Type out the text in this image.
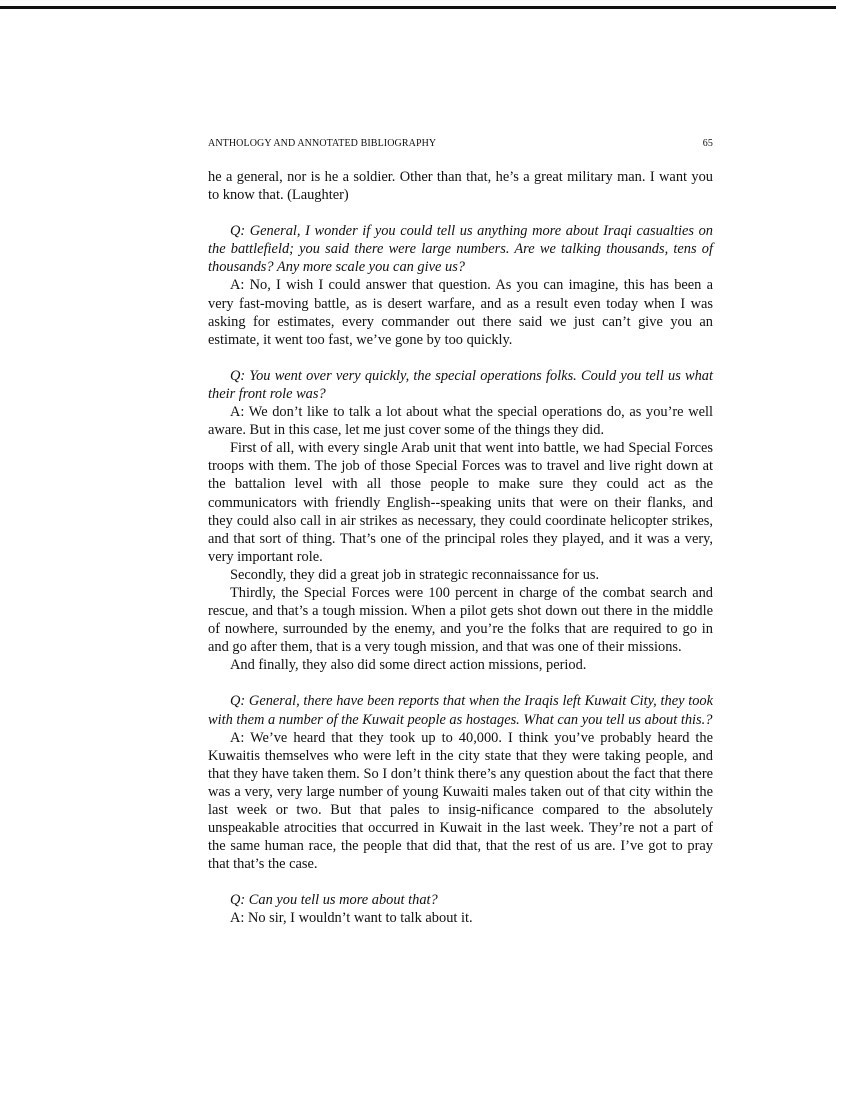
ANTHOLOGY AND ANNOTATED BIBLIOGRAPHY	65

he a general, nor is he a soldier. Other than that, he’s a great military man. I want you to know that. (Laughter)

Q: General, I wonder if you could tell us anything more about Iraqi casualties on the battlefield; you said there were large numbers. Are we talking thousands, tens of thousands? Any more scale you can give us?

A: No, I wish I could answer that question. As you can imagine, this has been a very fast-moving battle, as is desert warfare, and as a result even today when I was asking for estimates, every commander out there said we just can’t give you an estimate, it went too fast, we’ve gone by too quickly.

Q: You went over very quickly, the special operations folks. Could you tell us what their front role was?

A: We don’t like to talk a lot about what the special operations do, as you’re well aware. But in this case, let me just cover some of the things they did.

First of all, with every single Arab unit that went into battle, we had Special Forces troops with them. The job of those Special Forces was to travel and live right down at the battalion level with all those people to make sure they could act as the communicators with friendly English--speaking units that were on their flanks, and they could also call in air strikes as necessary, they could coordinate helicopter strikes, and that sort of thing. That’s one of the principal roles they played, and it was a very, very important role.

Secondly, they did a great job in strategic reconnaissance for us.

Thirdly, the Special Forces were 100 percent in charge of the combat search and rescue, and that’s a tough mission. When a pilot gets shot down out there in the middle of nowhere, surrounded by the enemy, and you’re the folks that are required to go in and go after them, that is a very tough mission, and that was one of their missions.

And finally, they also did some direct action missions, period.

Q: General, there have been reports that when the Iraqis left Kuwait City, they took with them a number of the Kuwait people as hostages. What can you tell us about this.?

A: We’ve heard that they took up to 40,000. I think you’ve probably heard the Kuwaitis themselves who were left in the city state that they were taking people, and that they have taken them. So I don’t think there’s any question about the fact that there was a very, very large number of young Kuwaiti males taken out of that city within the last week or two. But that pales to insig-nificance compared to the absolutely unspeakable atrocities that occurred in Kuwait in the last week. They’re not a part of the same human race, the people that did that, that the rest of us are. I’ve got to pray that that’s the case.

Q: Can you tell us more about that?

A: No sir, I wouldn’t want to talk about it.
